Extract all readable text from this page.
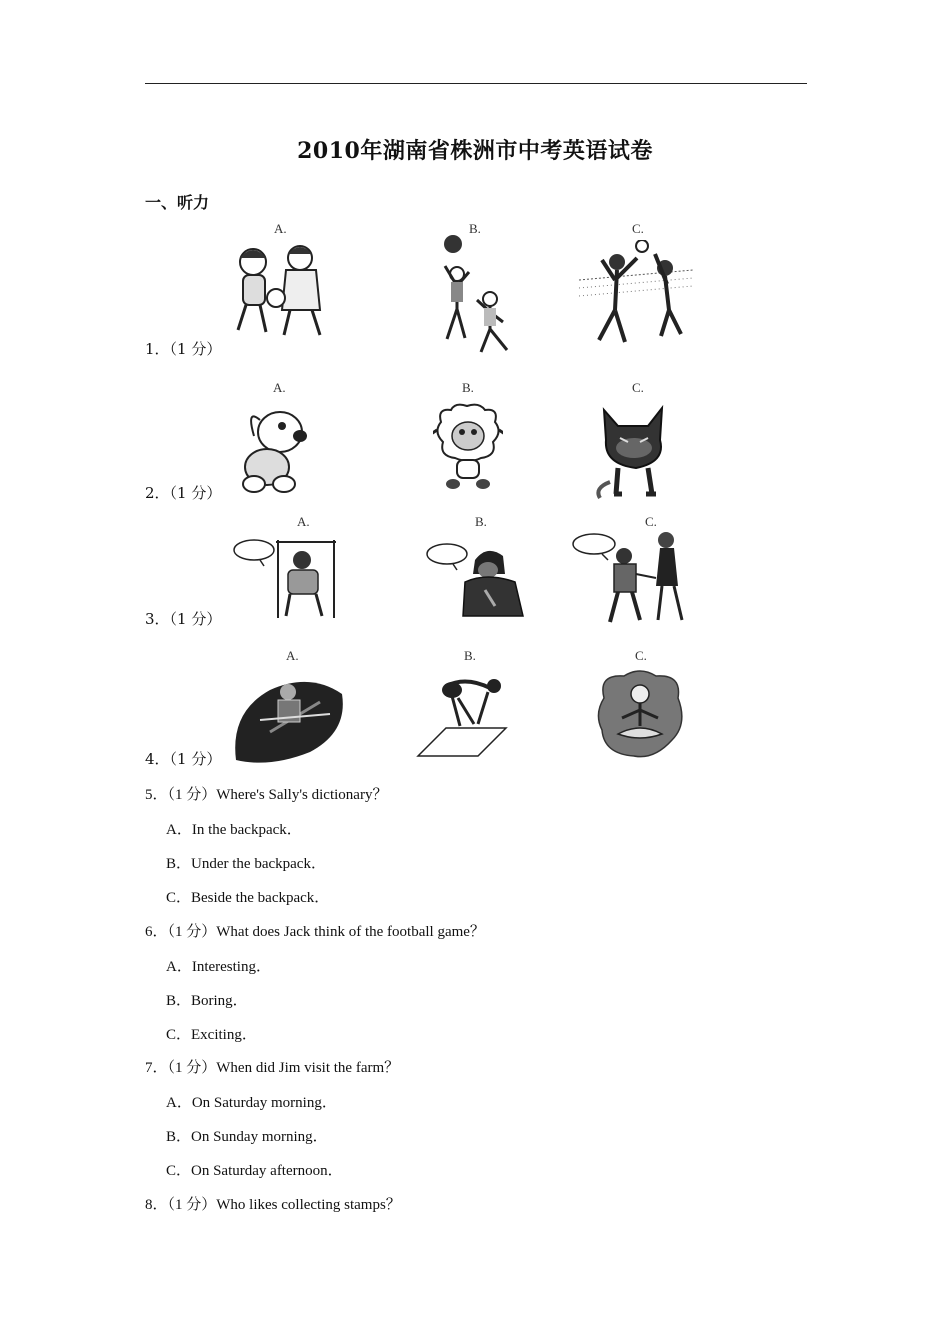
2010年湖南省株洲市中考英语试卷
一、听力
A.	B.	C.
1．（1 分）
A.	B.	C.
2．（1 分）
A.	B.	C.
3．（1 分）
A.	B.	C.
4．（1 分）
5．（1 分）Where's Sally's dictionary？
A．In the backpack．
B．Under the backpack．
C．Beside the backpack．
6．（1 分）What does Jack think of the football game？
A．Interesting．
B．Boring．
C．Exciting．
7．（1 分）When did Jim visit the farm？
A．On Saturday morning．
B．On Sunday morning．
C．On Saturday afternoon．
8．（1 分）Who likes collecting stamps？
